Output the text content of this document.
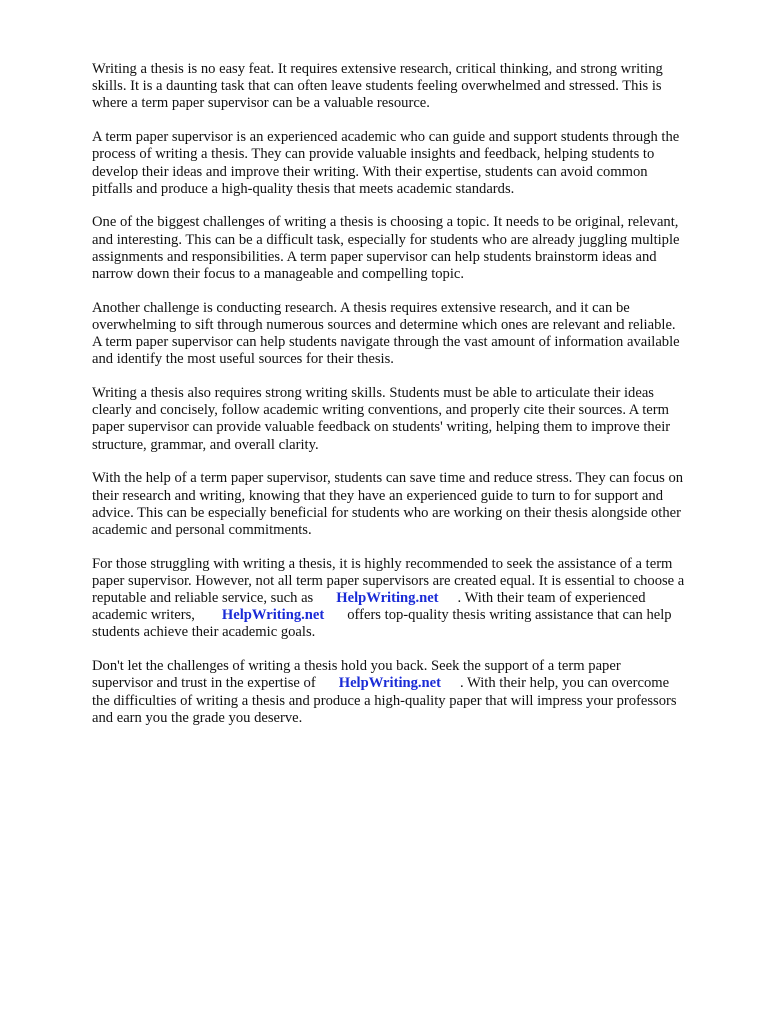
Writing a thesis is no easy feat. It requires extensive research, critical thinking, and strong writing
skills. It is a daunting task that can often leave students feeling overwhelmed and stressed. This is
where a term paper supervisor can be a valuable resource.

A term paper supervisor is an experienced academic who can guide and support students through the
process of writing a thesis. They can provide valuable insights and feedback, helping students to
develop their ideas and improve their writing. With their expertise, students can avoid common
pitfalls and produce a high-quality thesis that meets academic standards.

One of the biggest challenges of writing a thesis is choosing a topic. It needs to be original, relevant,
and interesting. This can be a difficult task, especially for students who are already juggling multiple
assignments and responsibilities. A term paper supervisor can help students brainstorm ideas and
narrow down their focus to a manageable and compelling topic.

Another challenge is conducting research. A thesis requires extensive research, and it can be
overwhelming to sift through numerous sources and determine which ones are relevant and reliable.
A term paper supervisor can help students navigate through the vast amount of information available
and identify the most useful sources for their thesis.

Writing a thesis also requires strong writing skills. Students must be able to articulate their ideas
clearly and concisely, follow academic writing conventions, and properly cite their sources. A term
paper supervisor can provide valuable feedback on students' writing, helping them to improve their
structure, grammar, and overall clarity.

With the help of a term paper supervisor, students can save time and reduce stress. They can focus on
their research and writing, knowing that they have an experienced guide to turn to for support and
advice. This can be especially beneficial for students who are working on their thesis alongside other
academic and personal commitments.

For those struggling with writing a thesis, it is highly recommended to seek the assistance of a term
paper supervisor. However, not all term paper supervisors are created equal. It is essential to choose a
reputable and reliable service, such as HelpWriting.net . With their team of experienced
academic writers, HelpWriting.net offers top-quality thesis writing assistance that can help
students achieve their academic goals.

Don't let the challenges of writing a thesis hold you back. Seek the support of a term paper
supervisor and trust in the expertise of HelpWriting.net . With their help, you can overcome
the difficulties of writing a thesis and produce a high-quality paper that will impress your professors
and earn you the grade you deserve.
